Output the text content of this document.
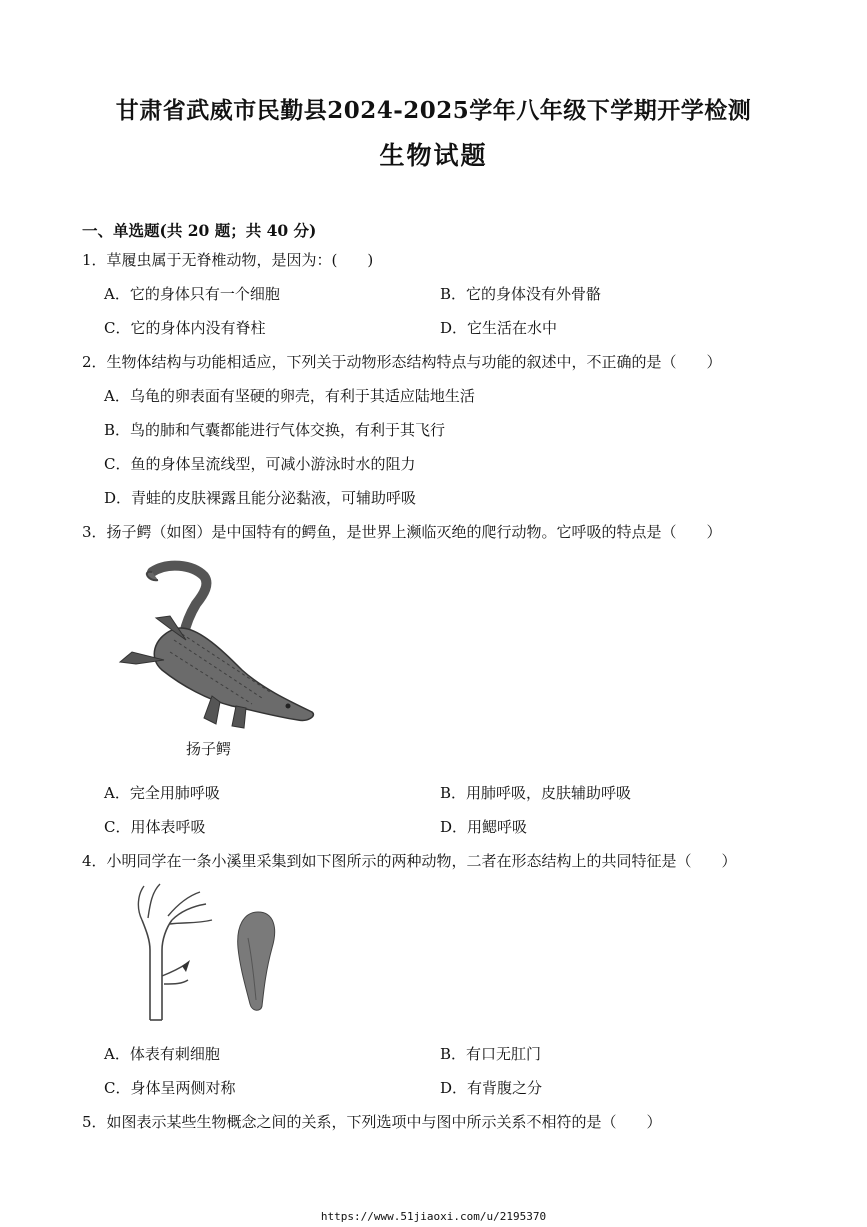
甘肃省武威市民勤县2024-2025学年八年级下学期开学检测
生物试题
一、单选题(共 20 题；共 40 分)
1．草履虫属于无脊椎动物，是因为：(　　)
A．它的身体只有一个细胞	B．它的身体没有外骨骼
C．它的身体内没有脊柱	D．它生活在水中
2．生物体结构与功能相适应，下列关于动物形态结构特点与功能的叙述中，不正确的是（　　）
A．乌龟的卵表面有坚硬的卵壳，有利于其适应陆地生活
B．鸟的肺和气囊都能进行气体交换，有利于其飞行
C．鱼的身体呈流线型，可减小游泳时水的阻力
D．青蛙的皮肤裸露且能分泌黏液，可辅助呼吸
3．扬子鳄（如图）是中国特有的鳄鱼，是世界上濒临灭绝的爬行动物。它呼吸的特点是（　　）
扬子鳄
A．完全用肺呼吸	B．用肺呼吸，皮肤辅助呼吸
C．用体表呼吸	D．用鳃呼吸
4．小明同学在一条小溪里采集到如下图所示的两种动物，二者在形态结构上的共同特征是（　　）
A．体表有刺细胞	B．有口无肛门
C．身体呈两侧对称	D．有背腹之分
5．如图表示某些生物概念之间的关系，下列选项中与图中所示关系不相符的是（　　）
https://www.51jiaoxi.com/u/2195370
